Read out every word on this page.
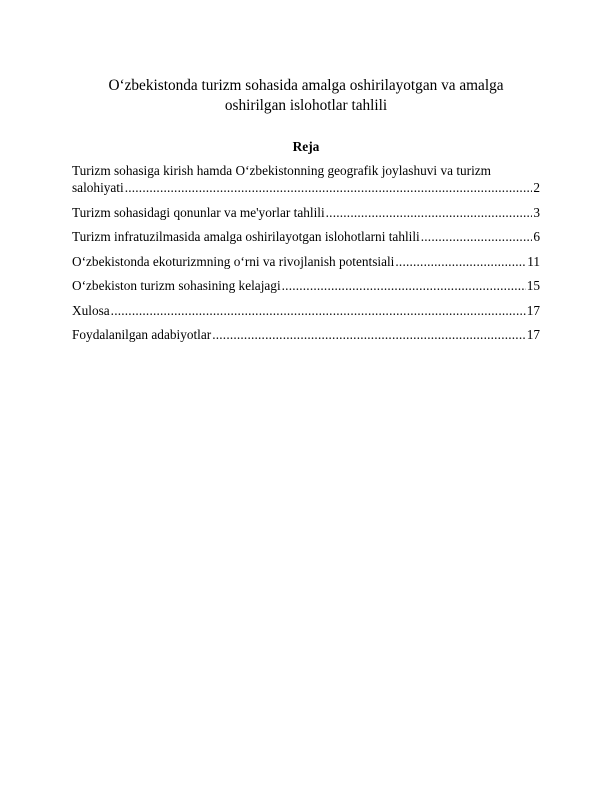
O‘zbekistonda turizm sohasida amalga oshirilayotgan va amalga
oshirilgan islohotlar tahlili
Reja
Turizm sohasiga kirish hamda O‘zbekistonning geografik joylashuvi va turizm
salohiyati .....	2
Turizm sohasidagi qonunlar va me'yorlar tahlili .....	3
Turizm infratuzilmasida amalga oshirilayotgan islohotlarni tahlili .....	6
O‘zbekistonda ekoturizmning o‘rni va rivojlanish potentsiali .....	11
O‘zbekiston turizm sohasining kelajagi .....	15
Xulosa .....	17
Foydalanilgan adabiyotlar .....	17
